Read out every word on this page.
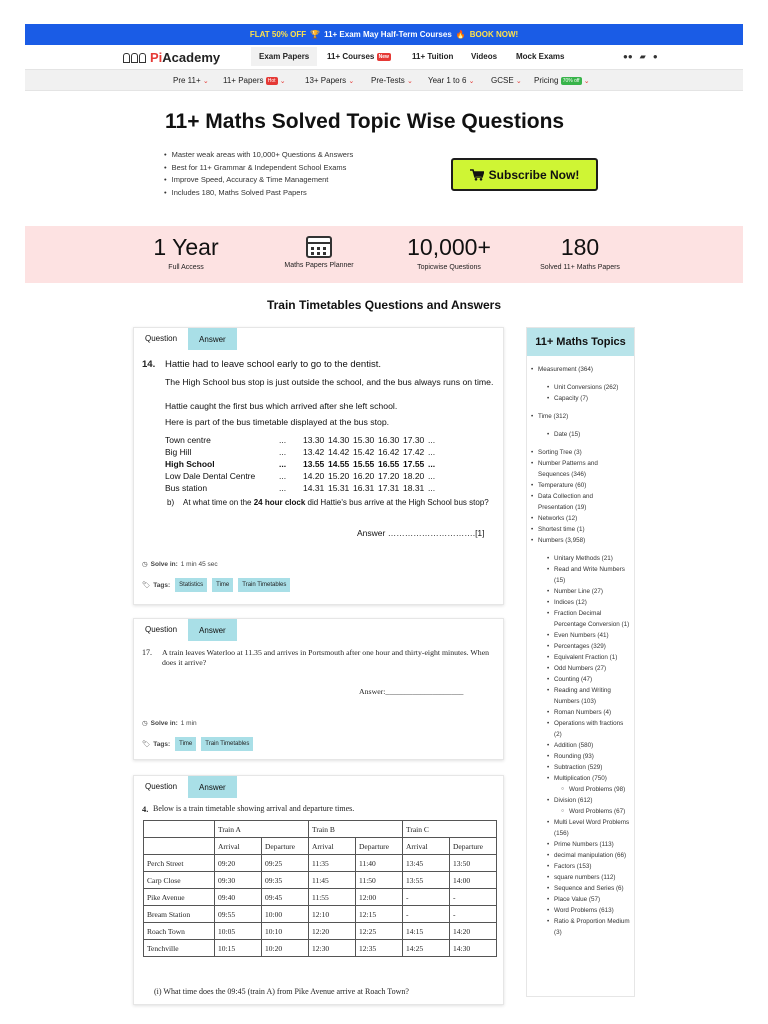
FLAT 50% OFF 🏆 11+ Exam May Half-Term Courses 🔥 BOOK NOW!
Pi Academy	Exam Papers	11+ Courses New	11+ Tuition Videos Mock Exams	●● ▰ ●
Pre 11+ ⌄ 11+ Papers Hot ⌄ 13+ Papers ⌄ Pre-Tests ⌄ Year 1 to 6 ⌄ GCSE ⌄ Pricing 70% off ⌄
11+ Maths Solved Topic Wise Questions
• Master weak areas with 10,000+ Questions & Answers
• Best for 11+ Grammar & Independent School Exams
• Improve Speed, Accuracy & Time Management
• Includes 180, Maths Solved Past Papers
Subscribe Now!
1 Year
Full Access	Maths Papers Planner
10,000+
Topicwise Questions
180
Solved 11+ Maths Papers
Train Timetables Questions and Answers
Question	Answer
14. Hattie had to leave school early to go to the dentist.
The High School bus stop is just outside the school, and the bus always runs on time.
Hattie caught the first bus which arrived after she left school.
Here is part of the bus timetable displayed at the bus stop.
Town centre	...	13.30	14.30	15.30	16.30	17.30	...
Big Hill	...	13.42	14.42	15.42	16.42	17.42	...
High School	...	13.55	14.55	15.55	16.55	17.55	...
Low Dale Dental Centre	...	14.20	15.20	16.20	17.20	18.20	...
Bus station	...	14.31	15.31	16.31	17.31	18.31	...
b) At what time on the 24 hour clock did Hattie's bus arrive at the High School bus stop?
Answer ………………………….[1]
◷ Solve in: 1 min 45 sec
🏷 Tags:	Statistics	Time	Train Timetables
Question	Answer
17. A train leaves Waterloo at 11.35 and arrives in Portsmouth after one hour and thirty-eight minutes. When does it arrive?
Answer:____________________
◷ Solve in: 1 min
🏷 Tags:	Time	Train Timetables
Question	Answer
4. Below is a train timetable showing arrival and departure times.
	Train A		Train B		Train C	
	Arrival	Departure	Arrival	Departure	Arrival	Departure
Perch Street	09:20	09:25	11:35	11:40	13:45	13:50
Carp Close	09:30	09:35	11:45	11:50	13:55	14:00
Pike Avenue	09:40	09:45	11:55	12:00	-	-
Bream Station	09:55	10:00	12:10	12:15	-	-
Roach Town	10:05	10:10	12:20	12:25	14:15	14:20
Tenchville	10:15	10:20	12:30	12:35	14:25	14:30
(i) What time does the 09:45 (train A) from Pike Avenue arrive at Roach Town?
11+ Maths Topics
• Measurement (364)
• Unit Conversions (262)
• Capacity (7)
• Time (312)
• Date (15)
• Sorting Tree (3)
• Number Patterns and Sequences (346)
• Temperature (60)
• Data Collection and Presentation (19)
• Networks (12)
• Shortest time (1)
• Numbers (3,958)
• Unitary Methods (21)
• Read and Write Numbers (15)
• Number Line (27)
• Indices (12)
• Fraction Decimal Percentage Conversion (1)
• Even Numbers (41)
• Percentages (329)
• Equivalent Fraction (1)
• Odd Numbers (27)
• Counting (47)
• Reading and Writing Numbers (103)
• Roman Numbers (4)
• Operations with fractions (2)
• Addition (580)
• Rounding (93)
• Subtraction (529)
• Multiplication (750)
○ Word Problems (98)
• Division (612)
○ Word Problems (67)
• Multi Level Word Problems (156)
• Prime Numbers (113)
• decimal manipulation (66)
• Factors (153)
• square numbers (112)
• Sequence and Series (6)
• Place Value (57)
• Word Problems (613)
• Ratio & Proportion Medium (3)
